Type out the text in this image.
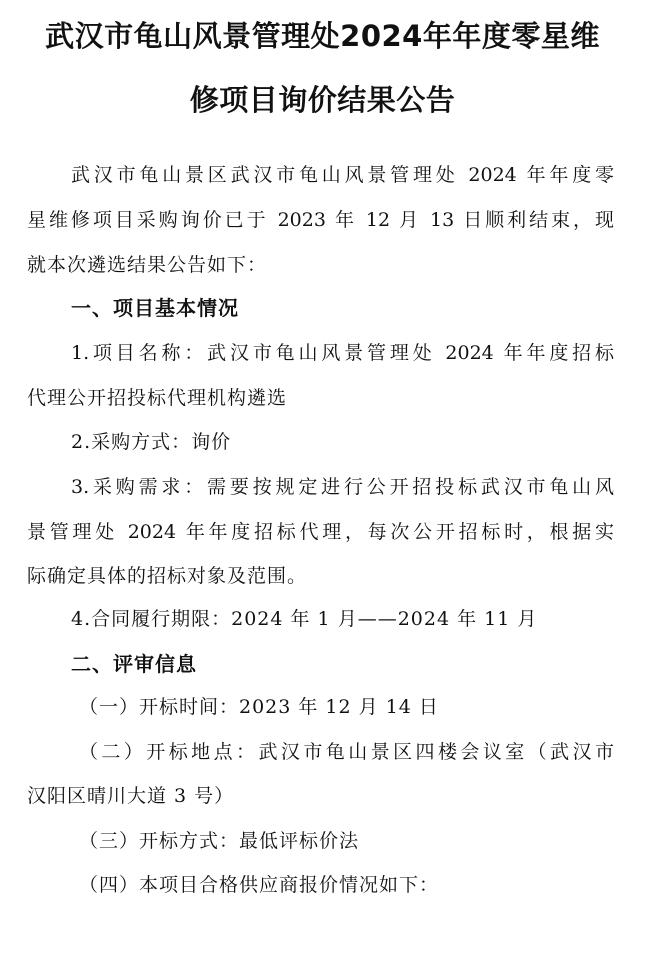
武汉市龟山风景管理处2024年年度零星维
修项目询价结果公告
武汉市龟山景区武汉市龟山风景管理处 2024 年年度零
星维修项目采购询价已于 2023 年 12 月 13 日顺利结束，现
就本次遴选结果公告如下：
一、项目基本情况
1.项目名称：武汉市龟山风景管理处 2024 年年度招标
代理公开招投标代理机构遴选
2.采购方式：询价
3.采购需求：需要按规定进行公开招投标武汉市龟山风
景管理处 2024 年年度招标代理，每次公开招标时，根据实
际确定具体的招标对象及范围。
4.合同履行期限：2024 年 1 月——2024 年 11 月
二、评审信息
（一）开标时间：2023 年 12 月 14 日
（二）开标地点：武汉市龟山景区四楼会议室（武汉市
汉阳区晴川大道 3 号）
（三）开标方式：最低评标价法
（四）本项目合格供应商报价情况如下：
